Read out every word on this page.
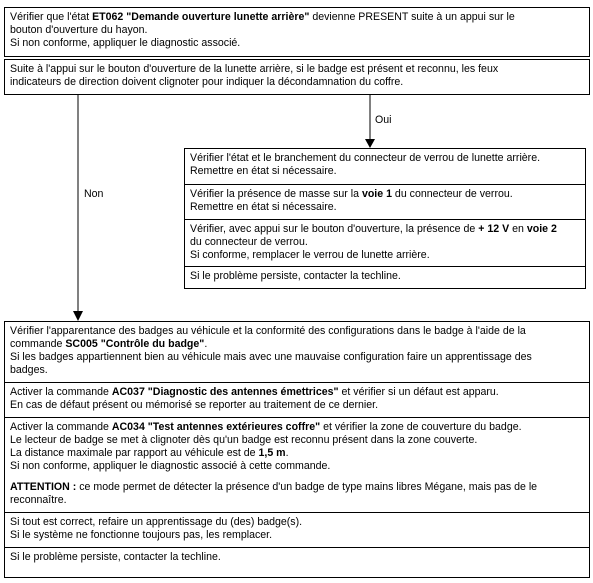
Oui
Non
Vérifier que l'état ET062 "Demande ouverture lunette arrière" devienne PRESENT suite à un appui sur le
bouton d'ouverture du hayon.
Si non conforme, appliquer le diagnostic associé.
Suite à l'appui sur le bouton d'ouverture de la lunette arrière, si le badge est présent et reconnu, les feux
indicateurs de direction doivent clignoter pour indiquer la décondamnation du coffre.
Vérifier l'état et le branchement du connecteur de verrou de lunette arrière.
Remettre en état si nécessaire.
Vérifier la présence de masse sur la voie 1 du connecteur de verrou.
Remettre en état si nécessaire.
Vérifier, avec appui sur le bouton d'ouverture, la présence de + 12 V en voie 2
du connecteur de verrou.
Si conforme, remplacer le verrou de lunette arrière.
Si le problème persiste, contacter la techline.
Vérifier l'apparentance des badges au véhicule et la conformité des configurations dans le badge à l'aide de la
commande SC005 "Contrôle du badge".
Si les badges appartiennent bien au véhicule mais avec une mauvaise configuration faire un apprentissage des
badges.
Activer la commande AC037 "Diagnostic des antennes émettrices" et vérifier si un défaut est apparu.
En cas de défaut présent ou mémorisé se reporter au traitement de ce dernier.
Activer la commande AC034 "Test antennes extérieures coffre" et vérifier la zone de couverture du badge.
Le lecteur de badge se met à clignoter dès qu'un badge est reconnu présent dans la zone couverte.
La distance maximale par rapport au véhicule est de 1,5 m.
Si non conforme, appliquer le diagnostic associé à cette commande.
ATTENTION : ce mode permet de détecter la présence d'un badge de type mains libres Mégane, mais pas de le
reconnaître.
Si tout est correct, refaire un apprentissage du (des) badge(s).
Si le système ne fonctionne toujours pas, les remplacer.
Si le problème persiste, contacter la techline.
